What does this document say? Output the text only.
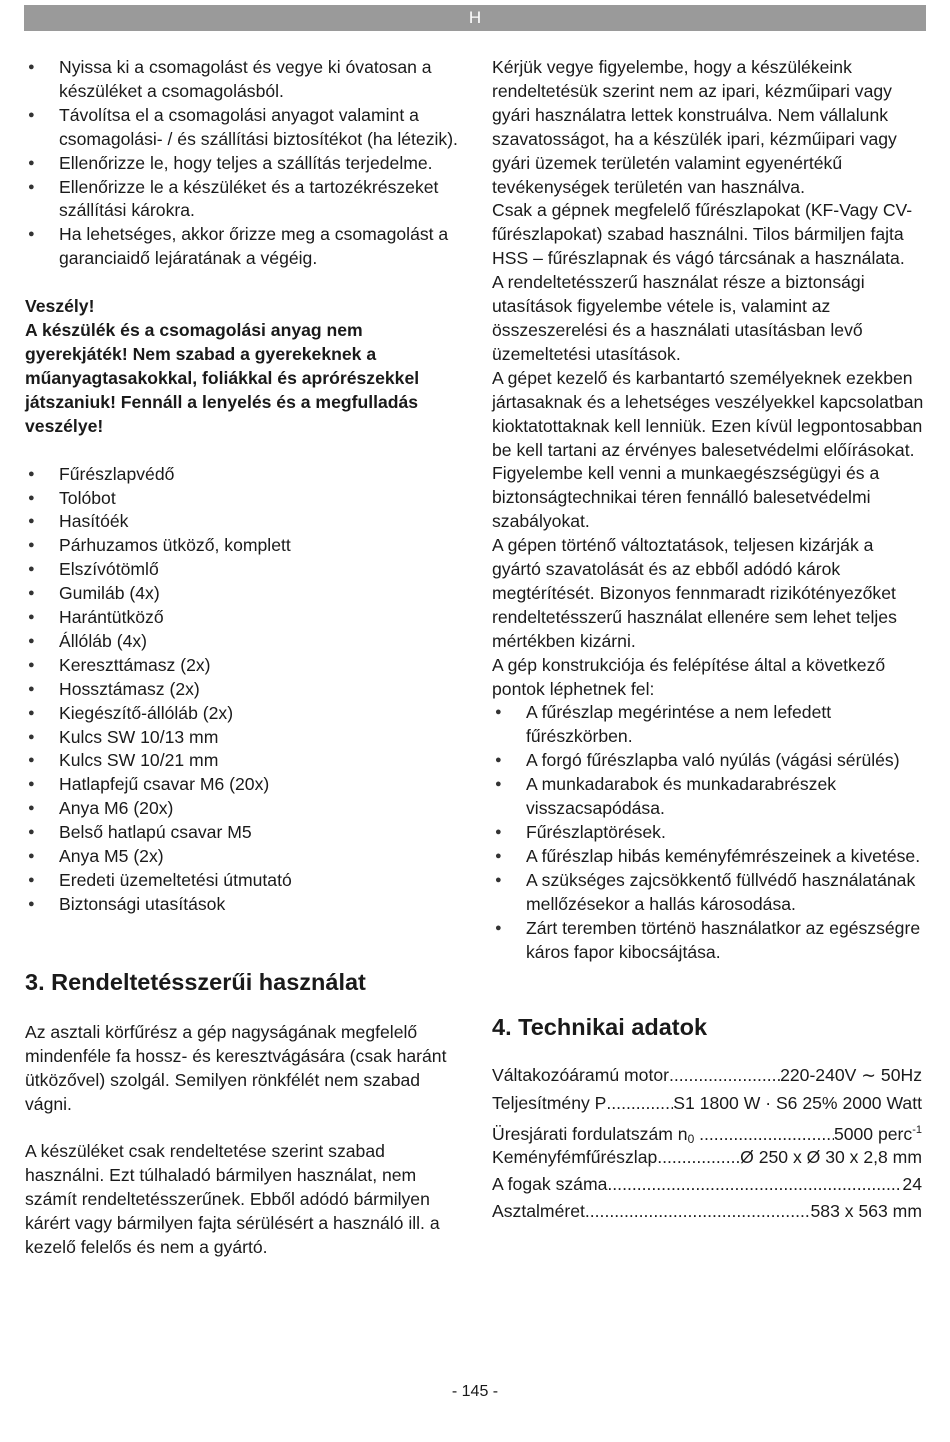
H
● Nyissa ki a csomagolást és vegye ki óvatosan a készüléket a csomagolásból.
● Távolítsa el a csomagolási anyagot valamint a csomagolási- / és szállítási biztosítékot (ha létezik).
● Ellenőrizze le, hogy teljes a szállítás terjedelme.
● Ellenőrizze le a készüléket és a tartozékrészeket szállítási károkra.
● Ha lehetséges, akkor őrizze meg a csomagolást a garanciaidő lejáratának a végéig.
Veszély!
A készülék és a csomagolási anyag nem gyerekjáték! Nem szabad a gyerekeknek a műanyagtasakokkal, foliákkal és aprórészekkel játszaniuk! Fennáll a lenyelés és a megfulladás veszélye!
● Fűrészlapvédő
● Tolóbot
● Hasítóék
● Párhuzamos ütköző, komplett
● Elszívótömlő
● Gumiláb (4x)
● Harántütköző
● Állóláb (4x)
● Kereszttámasz (2x)
● Hossztámasz (2x)
● Kiegészítő-állóláb (2x)
● Kulcs SW 10/13 mm
● Kulcs SW 10/21 mm
● Hatlapfejű csavar M6 (20x)
● Anya M6 (20x)
● Belső hatlapú csavar M5
● Anya M5 (2x)
● Eredeti üzemeltetési útmutató
● Biztonsági utasítások
3. Rendeltetésszerűi használat

Az asztali körfűrész a gép nagyságának megfelelő mindenféle fa hossz- és keresztvágására (csak haránt ütközővel) szolgál. Semilyen rönkfélét nem szabad vágni.

A készüléket csak rendeltetése szerint szabad használni. Ezt túlhaladó bármilyen használat, nem számít rendeltetésszerűnek. Ebből adódó bármilyen kárért vagy bármilyen fajta sérülésért a használó ill. a kezelő felelős és nem a gyártó.

Kérjük vegye figyelembe, hogy a készülékeink rendeltetésük szerint nem az ipari, kézműipari vagy gyári használatra lettek konstruálva. Nem vállalunk szavatosságot, ha a készülék ipari, kézműipari vagy gyári üzemek területén valamint egyenértékű tevékenységek területén van használva.

Csak a gépnek megfelelő fűrészlapokat (KF-Vagy CV-fűrészlapokat) szabad használni. Tilos bármiljen fajta HSS – fűrészlapnak és vágó tárcsának a használata.

A rendeltetésszerű használat része a biztonsági utasítások figyelembe vétele is, valamint az összeszerelési és a használati utasításban levő üzemeltetési utasítások.

A gépet kezelő és karbantartó személyeknek ezekben jártasaknak és a lehetséges veszélyekkel kapcsolatban kioktatottaknak kell lenniük. Ezen kívül legpontosabban be kell tartani az érvényes balesetvédelmi előírásokat. Figyelembe kell venni a munkaegészségügyi és a biztonságtechnikai téren fennálló balesetvédelmi szabályokat.

A gépen történő változtatások, teljesen kizárják a gyártó szavatolását és az ebből adódó károk megtérítését. Bizonyos fennmaradt rizikótényezőket rendeltetésszerű használat ellenére sem lehet teljes mértékben kizárni.

A gép konstrukciója és felépítése által a következő pontok léphetnek fel:

● A fűrészlap megérintése a nem lefedett fűrészkörben.
● A forgó fűrészlapba való nyúlás (vágási sérülés)
● A munkadarabok és munkadarabrészek visszacsapódása.
● Fűrészlaptörések.
● A fűrészlap hibás keményfémrészeinek a kivetése.
● A szükséges zajcsökkentő füllvédő használatának mellőzésekor a hallás károsodása.
● Zárt teremben történö használatkor az egészségre káros fapor kibocsájtása.
4. Technikai adatok
Váltakozóáramú motor .....	220-240V ∼ 50Hz
Teljesítmény P .....	S1 1800 W · S6 25% 2000 Watt
Üresjárati fordulatszám $n_0$ .....	5000 perc$^{-1}$
Keményfémfűrészlap .....	Ø 250 x Ø 30 x 2,8 mm
A fogak száma .....	24
Asztalméret .....	583 x 563 mm
- 145 -
